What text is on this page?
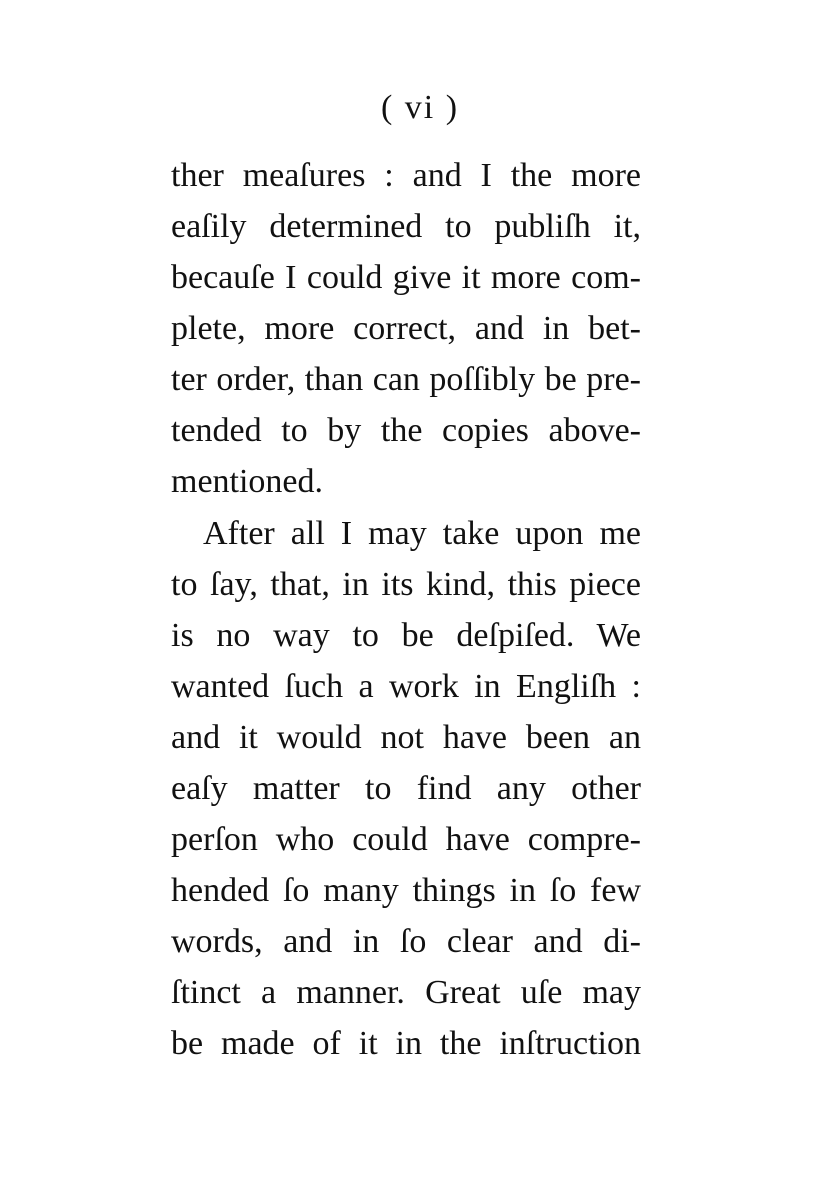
( vi )
ther meaſures : and I the more
eaſily determined to publiſh it,
becauſe I could give it more com-
plete, more correct, and in bet-
ter order, than can poſſibly be pre-
tended to by the copies above-
mentioned.
After all I may take upon me
to ſay, that, in its kind, this piece
is no way to be deſpiſed. We
wanted ſuch a work in Engliſh :
and it would not have been an
eaſy matter to find any other
perſon who could have compre-
hended ſo many things in ſo few
words, and in ſo clear and di-
ſtinct a manner. Great uſe may
be made of it in the inſtruction
